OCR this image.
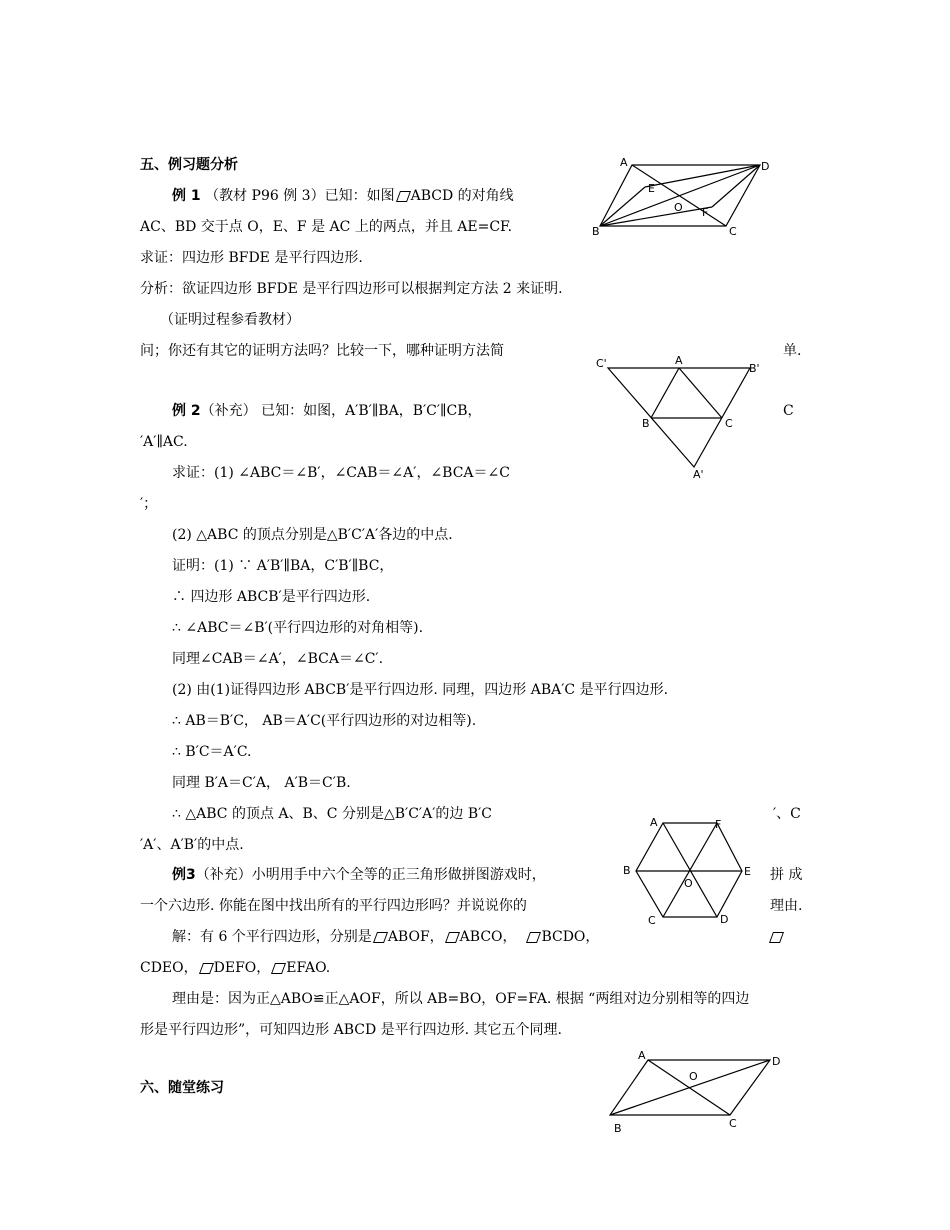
五、例习题分析
例 1 （教材 P96 例 3）已知：如图 ABCD 的对角线
AC、BD 交于点 O，E、F 是 AC 上的两点，并且 AE=CF.
求证：四边形 BFDE 是平行四边形.
分析：欲证四边形 BFDE 是平行四边形可以根据判定方法 2 来证明.
（证明过程参看教材）
问；你还有其它的证明方法吗？比较一下，哪种证明方法简	单.
A	D
E
O F
B	C
例 2（补充） 已知：如图，A′B′∥BA，B′C′∥CB，	C
′A′∥AC.
求证：(1) ∠ABC＝∠B′，∠CAB＝∠A′，∠BCA＝∠C
′；
(2) △ABC 的顶点分别是△B′C′A′各边的中点.
证明：(1) ∵ A′B′∥BA，C′B′∥BC，
∴ 四边形 ABCB′是平行四边形.
∴ ∠ABC＝∠B′(平行四边形的对角相等).
同理∠CAB＝∠A′，∠BCA＝∠C′.
(2) 由(1)证得四边形 ABCB′是平行四边形. 同理，四边形 ABA′C 是平行四边形.
∴ AB＝B′C， AB＝A′C(平行四边形的对边相等).
∴ B′C＝A′C.
同理 B′A＝C′A， A′B＝C′B.
∴ △ABC 的顶点 A、B、C 分别是△B′C′A′的边 B′C	′、C
′A′、A′B′的中点.
C'	A
B'
B	C
A'
例3（补充）小明用手中六个全等的正三角形做拼图游戏时，	拼 成
一个六边形. 你能在图中找出所有的平行四边形吗？并说说你的	理由.
解：有 6 个平行四边形，分别是 ABOF， ABCO， BCDO，
CDEO， DEFO， EFAO.
理由是：因为正△ABO≌正△AOF，所以 AB=BO，OF=FA. 根据 “两组对边分别相等的四边
形是平行四边形”，可知四边形 ABCD 是平行四边形. 其它五个同理.
A	F
B
O
E
C	D
六、随堂练习
A
O
D
B	C
